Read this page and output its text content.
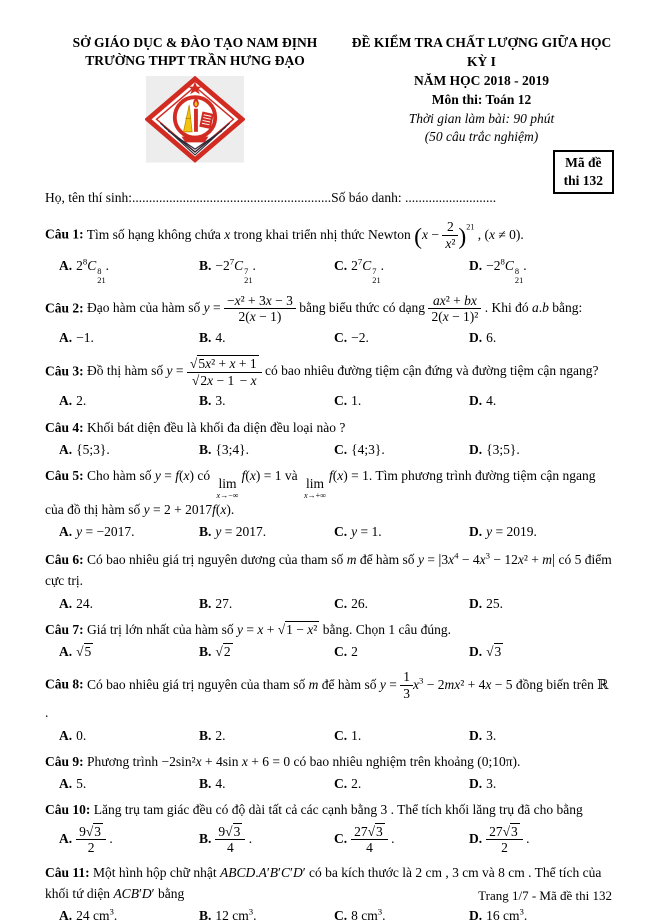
SỞ GIÁO DỤC & ĐÀO TẠO NAM ĐỊNH
TRƯỜNG THPT TRẦN HƯNG ĐẠO
ĐỀ KIỂM TRA CHẤT LƯỢNG GIỮA HỌC KỲ I
NĂM HỌC 2018 - 2019
Môn thi: Toán 12
Thời gian làm bài: 90 phút
(50 câu trắc nghiệm)
Mã đề
thi 132
Họ, tên thí sinh:...........................................................Số báo danh: ...........................
Câu 1: Tìm số hạng không chứa x trong khai triển nhị thức Newton $(x - \frac{2}{\text{x²}} )^{21}$ , (x ≠ 0).
A. $2^8C$ 8
21
.	B. $-2^7C$ 7
21
.	C. $2^7C$ 7
21
.	D. $-2^8C$ 8
21
.
Câu 2: Đạo hàm của hàm số $y = \frac{\text{−x² + 3x − 3}}{2(x - 1)}$ bằng biểu thức có dạng $\frac{\text{ax² + bx}}{\text{2(x − 1)²}}$ . Khi đó a.b bằng:
A. −1.	B. 4.	C. −2.	D. 6.
Câu 3: Đồ thị hàm số $y = \frac{\text{√5x² + x + 1}}{√2x - 1 - x}$ có bao nhiêu đường tiệm cận đứng và đường tiệm cận ngang?
A. 2.	B. 3.	C. 1.	D. 4.
Câu 4: Khối bát diện đều là khối đa diện đều loại nào ?
A. {5;3}.	B. {3;4}.	C. {4;3}.	D. {3;5}.
Câu 5: Cho hàm số y = f(x) có lim
x→−∞
f(x) = 1 và lim
x→+∞
f(x) = 1. Tìm phương trình đường tiệm cận ngang của đồ thị hàm số y = 2 + 2017f(x).
A. y = −2017.	B. y = 2017.	C. y = 1.	D. y = 2019.
Câu 6: Có bao nhiêu giá trị nguyên dương của tham số m để hàm số $y = |3x^4 - 4x^3 - 12x^2 + m|$ có 5 điểm cực trị.
A. 24.	B. 27.	C. 26.	D. 25.
Câu 7: Giá trị lớn nhất của hàm số y = x + √1 − x² bằng. Chọn 1 câu đúng.
A. √5	B. √2	C. 2	D. √3
Câu 8: Có bao nhiêu giá trị nguyên của tham số m để hàm số $y = \frac{1}{3} x^3 - 2mx^2 + 4x - 5$ đồng biến trên ℝ .
A. 0.	B. 2.	C. 1.	D. 3.
Câu 9: Phương trình −2sin²x + 4sin x + 6 = 0 có bao nhiêu nghiệm trên khoảng (0;10π).
A. 5.	B. 4.	C. 2.	D. 3.
Câu 10: Lăng trụ tam giác đều có độ dài tất cả các cạnh bằng 3 . Thể tích khối lăng trụ đã cho bằng
A. $\frac{9√3}{2}$ .	B. $\frac{9√3}{4}$ .	C. $\frac{27√3}{4}$ .	D. $\frac{27√3}{2}$ .
Câu 11: Một hình hộp chữ nhật ABCD.A′B′C′D′ có ba kích thước là 2 cm , 3 cm và 8 cm . Thể tích của khối tứ diện ACB′D′ bằng
A. 24 $cm^3$.	B. 12 $cm^3$.	C. 8 $cm^3$.	D. 16 $cm^3$.
Trang 1/7 - Mã đề thi 132
